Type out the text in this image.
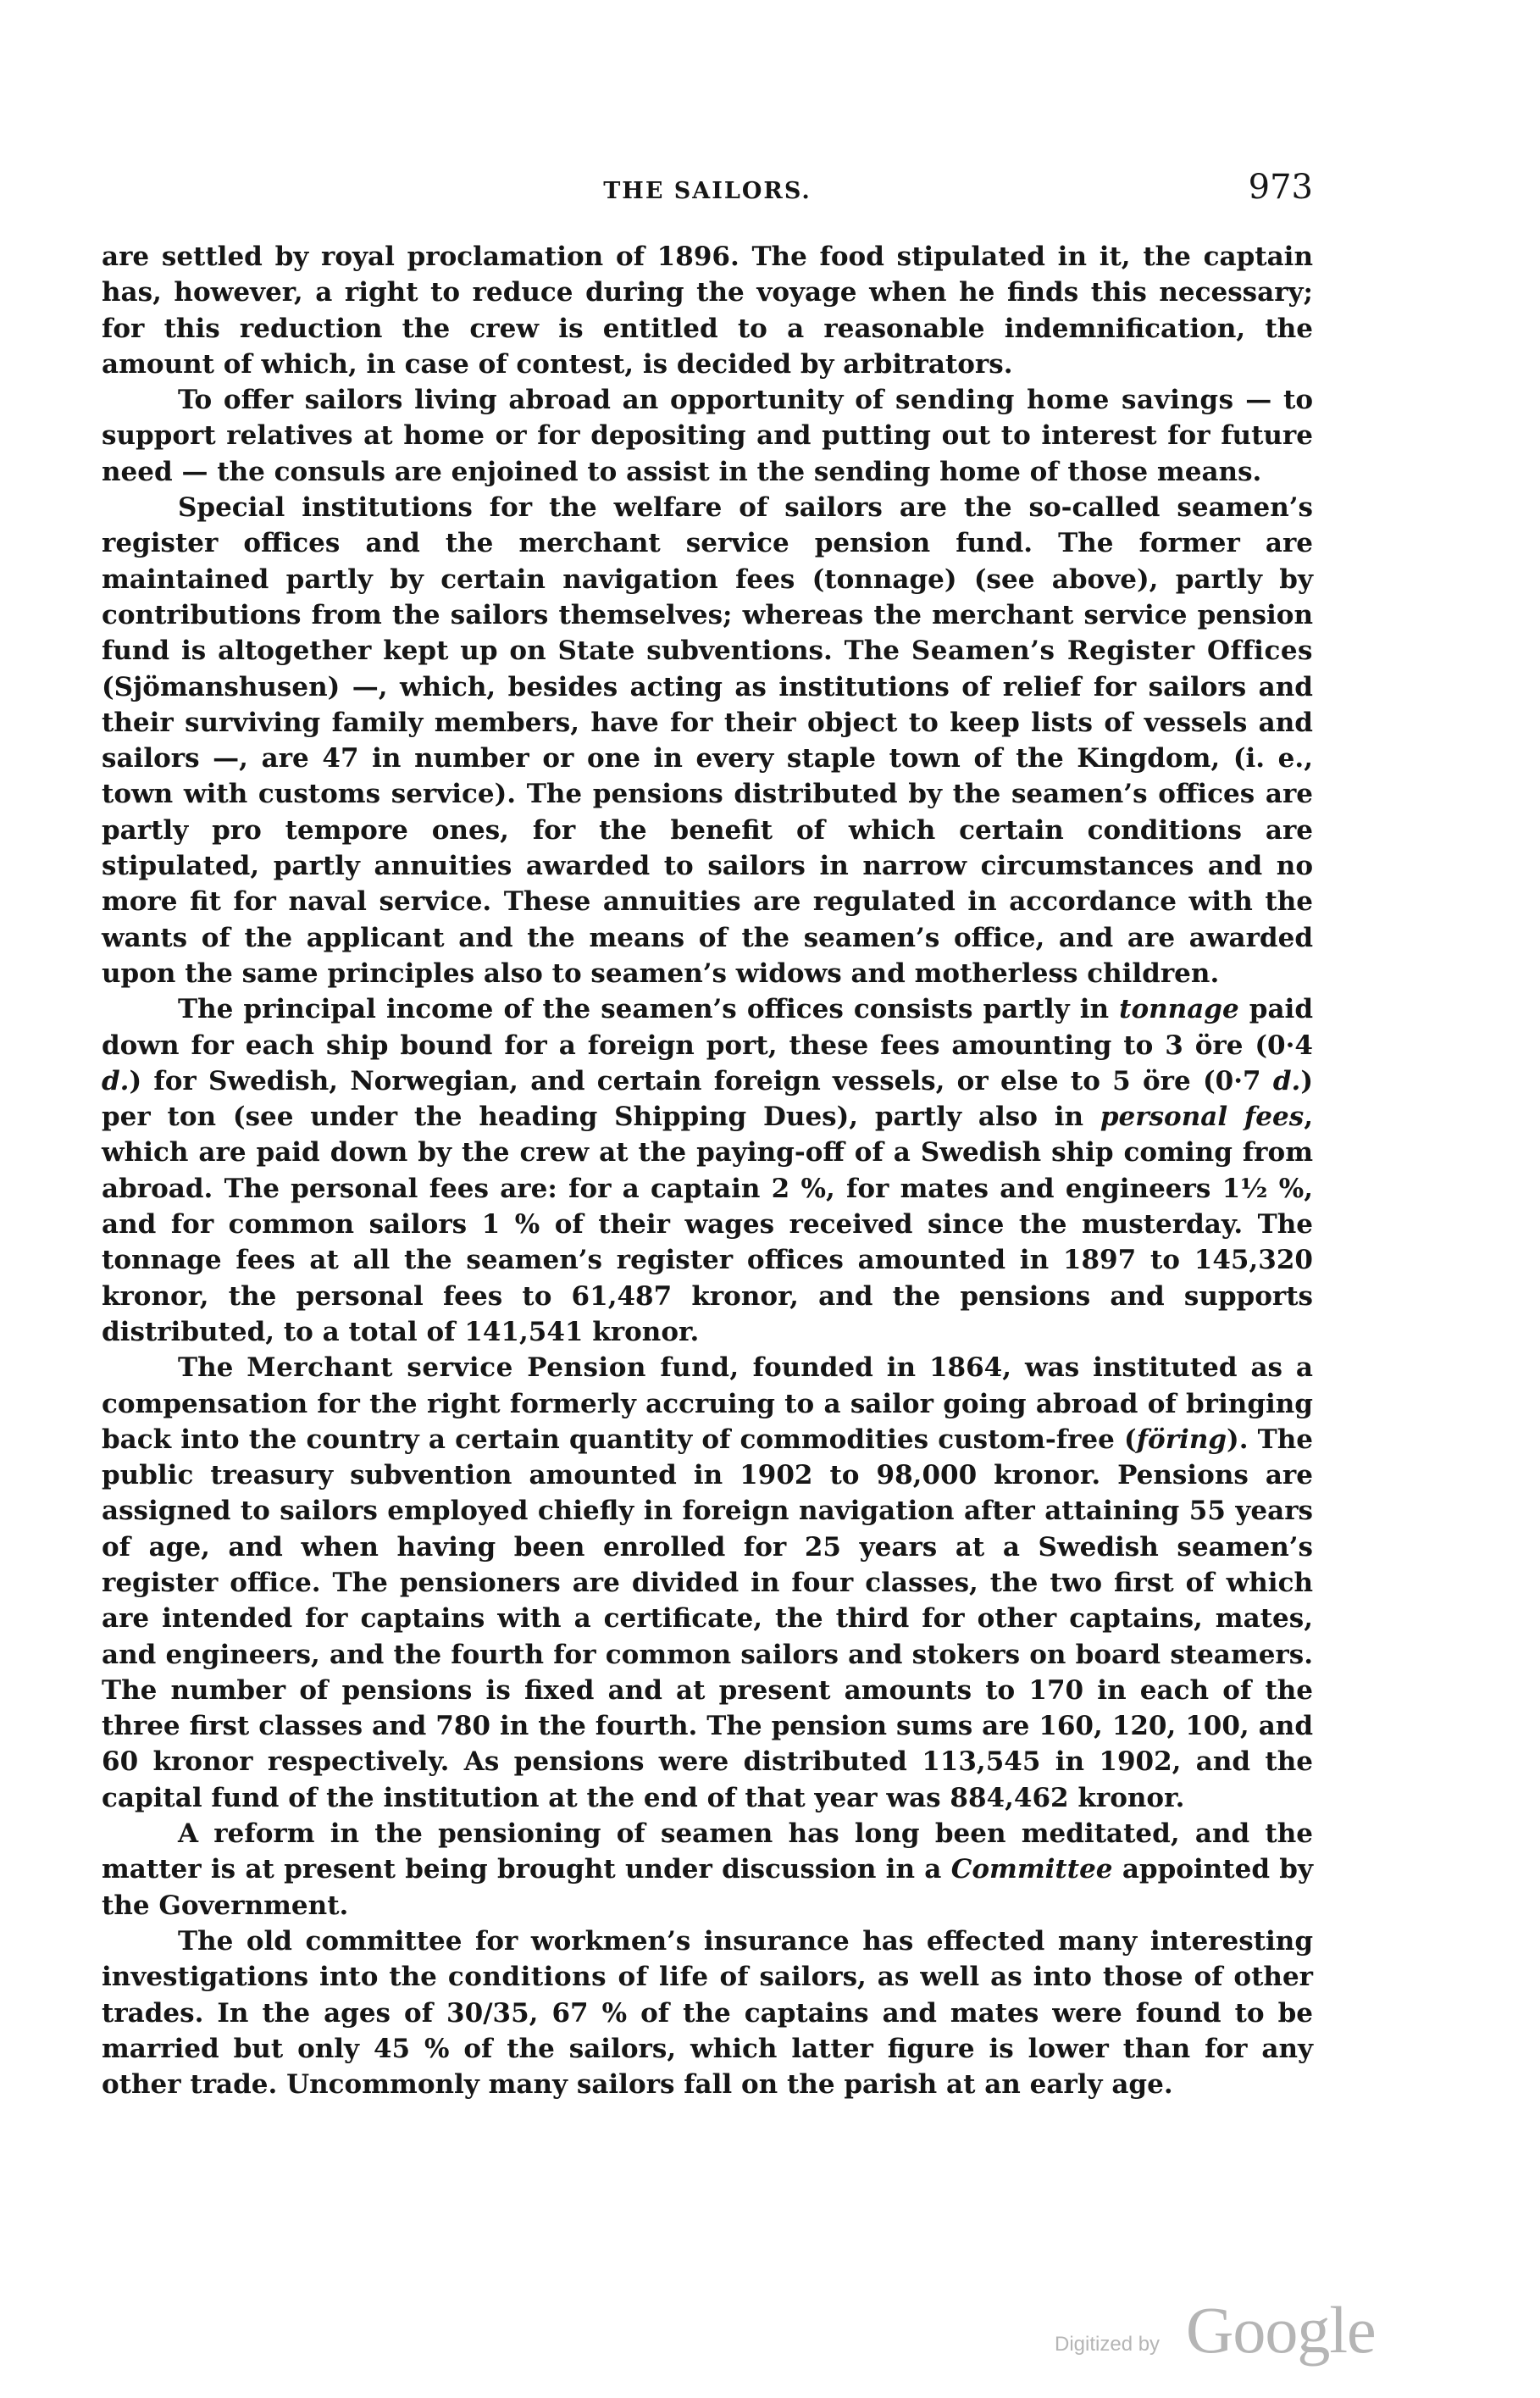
THE SAILORS.	973

are settled by royal proclamation of 1896. The food stipulated in it, the captain has, however, a right to reduce during the voyage when he finds this necessary; for this reduction the crew is entitled to a reasonable indemnification, the amount of which, in case of contest, is decided by arbitrators.

To offer sailors living abroad an opportunity of sending home savings — to support relatives at home or for depositing and putting out to interest for future need — the consuls are enjoined to assist in the sending home of those means.

Special institutions for the welfare of sailors are the so-called seamen’s register offices and the merchant service pension fund. The former are maintained partly by certain navigation fees (tonnage) (see above), partly by contributions from the sailors themselves; whereas the merchant service pension fund is altogether kept up on State subventions. The Seamen’s Register Offices (Sjömanshusen) —, which, besides acting as institutions of relief for sailors and their surviving family members, have for their object to keep lists of vessels and sailors —, are 47 in number or one in every staple town of the Kingdom, (i. e., town with customs service). The pensions distributed by the seamen’s offices are partly pro tempore ones, for the benefit of which certain conditions are stipulated, partly annuities awarded to sailors in narrow circumstances and no more fit for naval service. These annuities are regulated in accordance with the wants of the applicant and the means of the seamen’s office, and are awarded upon the same principles also to seamen’s widows and motherless children.

The principal income of the seamen’s offices consists partly in tonnage paid down for each ship bound for a foreign port, these fees amounting to 3 öre (0·4 d.) for Swedish, Norwegian, and certain foreign vessels, or else to 5 öre (0·7 d.) per ton (see under the heading Shipping Dues), partly also in personal fees, which are paid down by the crew at the paying-off of a Swedish ship coming from abroad. The personal fees are: for a captain 2 %, for mates and engineers 1½ %, and for common sailors 1 % of their wages received since the musterday. The tonnage fees at all the seamen’s register offices amounted in 1897 to 145,320 kronor, the personal fees to 61,487 kronor, and the pensions and supports distributed, to a total of 141,541 kronor.

The Merchant service Pension fund, founded in 1864, was instituted as a compensation for the right formerly accruing to a sailor going abroad of bringing back into the country a certain quantity of commodities custom-free (föring). The public treasury subvention amounted in 1902 to 98,000 kronor. Pensions are assigned to sailors employed chiefly in foreign navigation after attaining 55 years of age, and when having been enrolled for 25 years at a Swedish seamen’s register office. The pensioners are divided in four classes, the two first of which are intended for captains with a certificate, the third for other captains, mates, and engineers, and the fourth for common sailors and stokers on board steamers. The number of pensions is fixed and at present amounts to 170 in each of the three first classes and 780 in the fourth. The pension sums are 160, 120, 100, and 60 kronor respectively. As pensions were distributed 113,545 in 1902, and the capital fund of the institution at the end of that year was 884,462 kronor.

A reform in the pensioning of seamen has long been meditated, and the matter is at present being brought under discussion in a Committee appointed by the Government.

The old committee for workmen’s insurance has effected many interesting investigations into the conditions of life of sailors, as well as into those of other trades. In the ages of 30/35, 67 % of the captains and mates were found to be married but only 45 % of the sailors, which latter figure is lower than for any other trade. Uncommonly many sailors fall on the parish at an early age.

Digitized by Google
